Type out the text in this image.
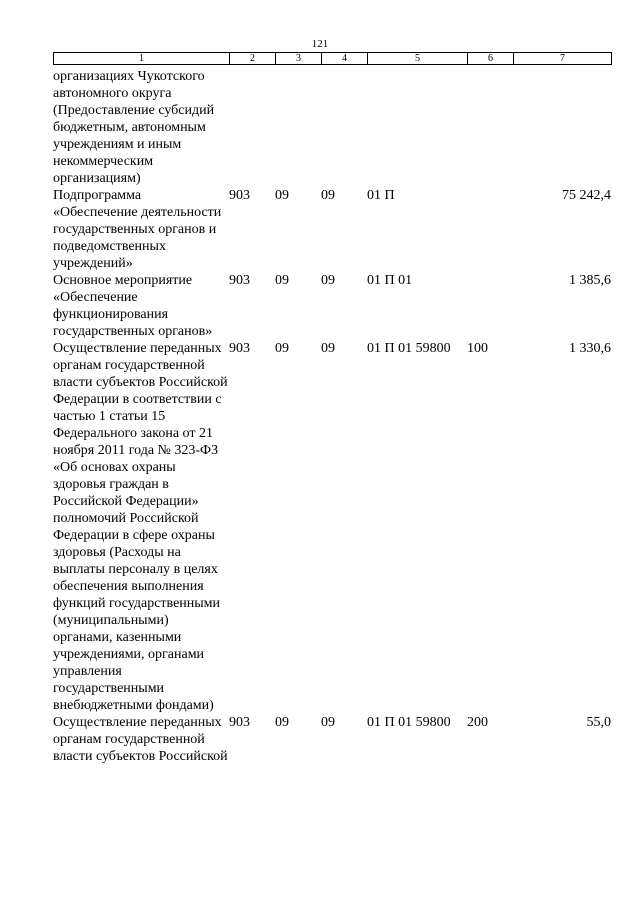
121
1	2	3	4	5	6	7
организациях Чукотского автономного округа (Предоставление субсидий бюджетным, автономным учреждениям и иным некоммерческим организациям)						
Подпрограмма «Обеспечение деятельности государственных органов и подведомственных учреждений»	903	09	09	01 П		75 242,4
Основное мероприятие «Обеспечение функционирования государственных органов»	903	09	09	01 П 01		1 385,6
Осуществление переданных органам государственной власти субъектов Российской Федерации в соответствии с частью 1 статьи 15 Федерального закона от 21 ноября 2011 года № 323-ФЗ «Об основах охраны здоровья граждан в Российской Федерации» полномочий Российской Федерации в сфере охраны здоровья (Расходы на выплаты персоналу в целях обеспечения выполнения функций государственными (муниципальными) органами, казенными учреждениями, органами управления государственными внебюджетными фондами)	903	09	09	01 П 01 59800	100	1 330,6
Осуществление переданных органам государственной власти субъектов Российской	903	09	09	01 П 01 59800	200	55,0
